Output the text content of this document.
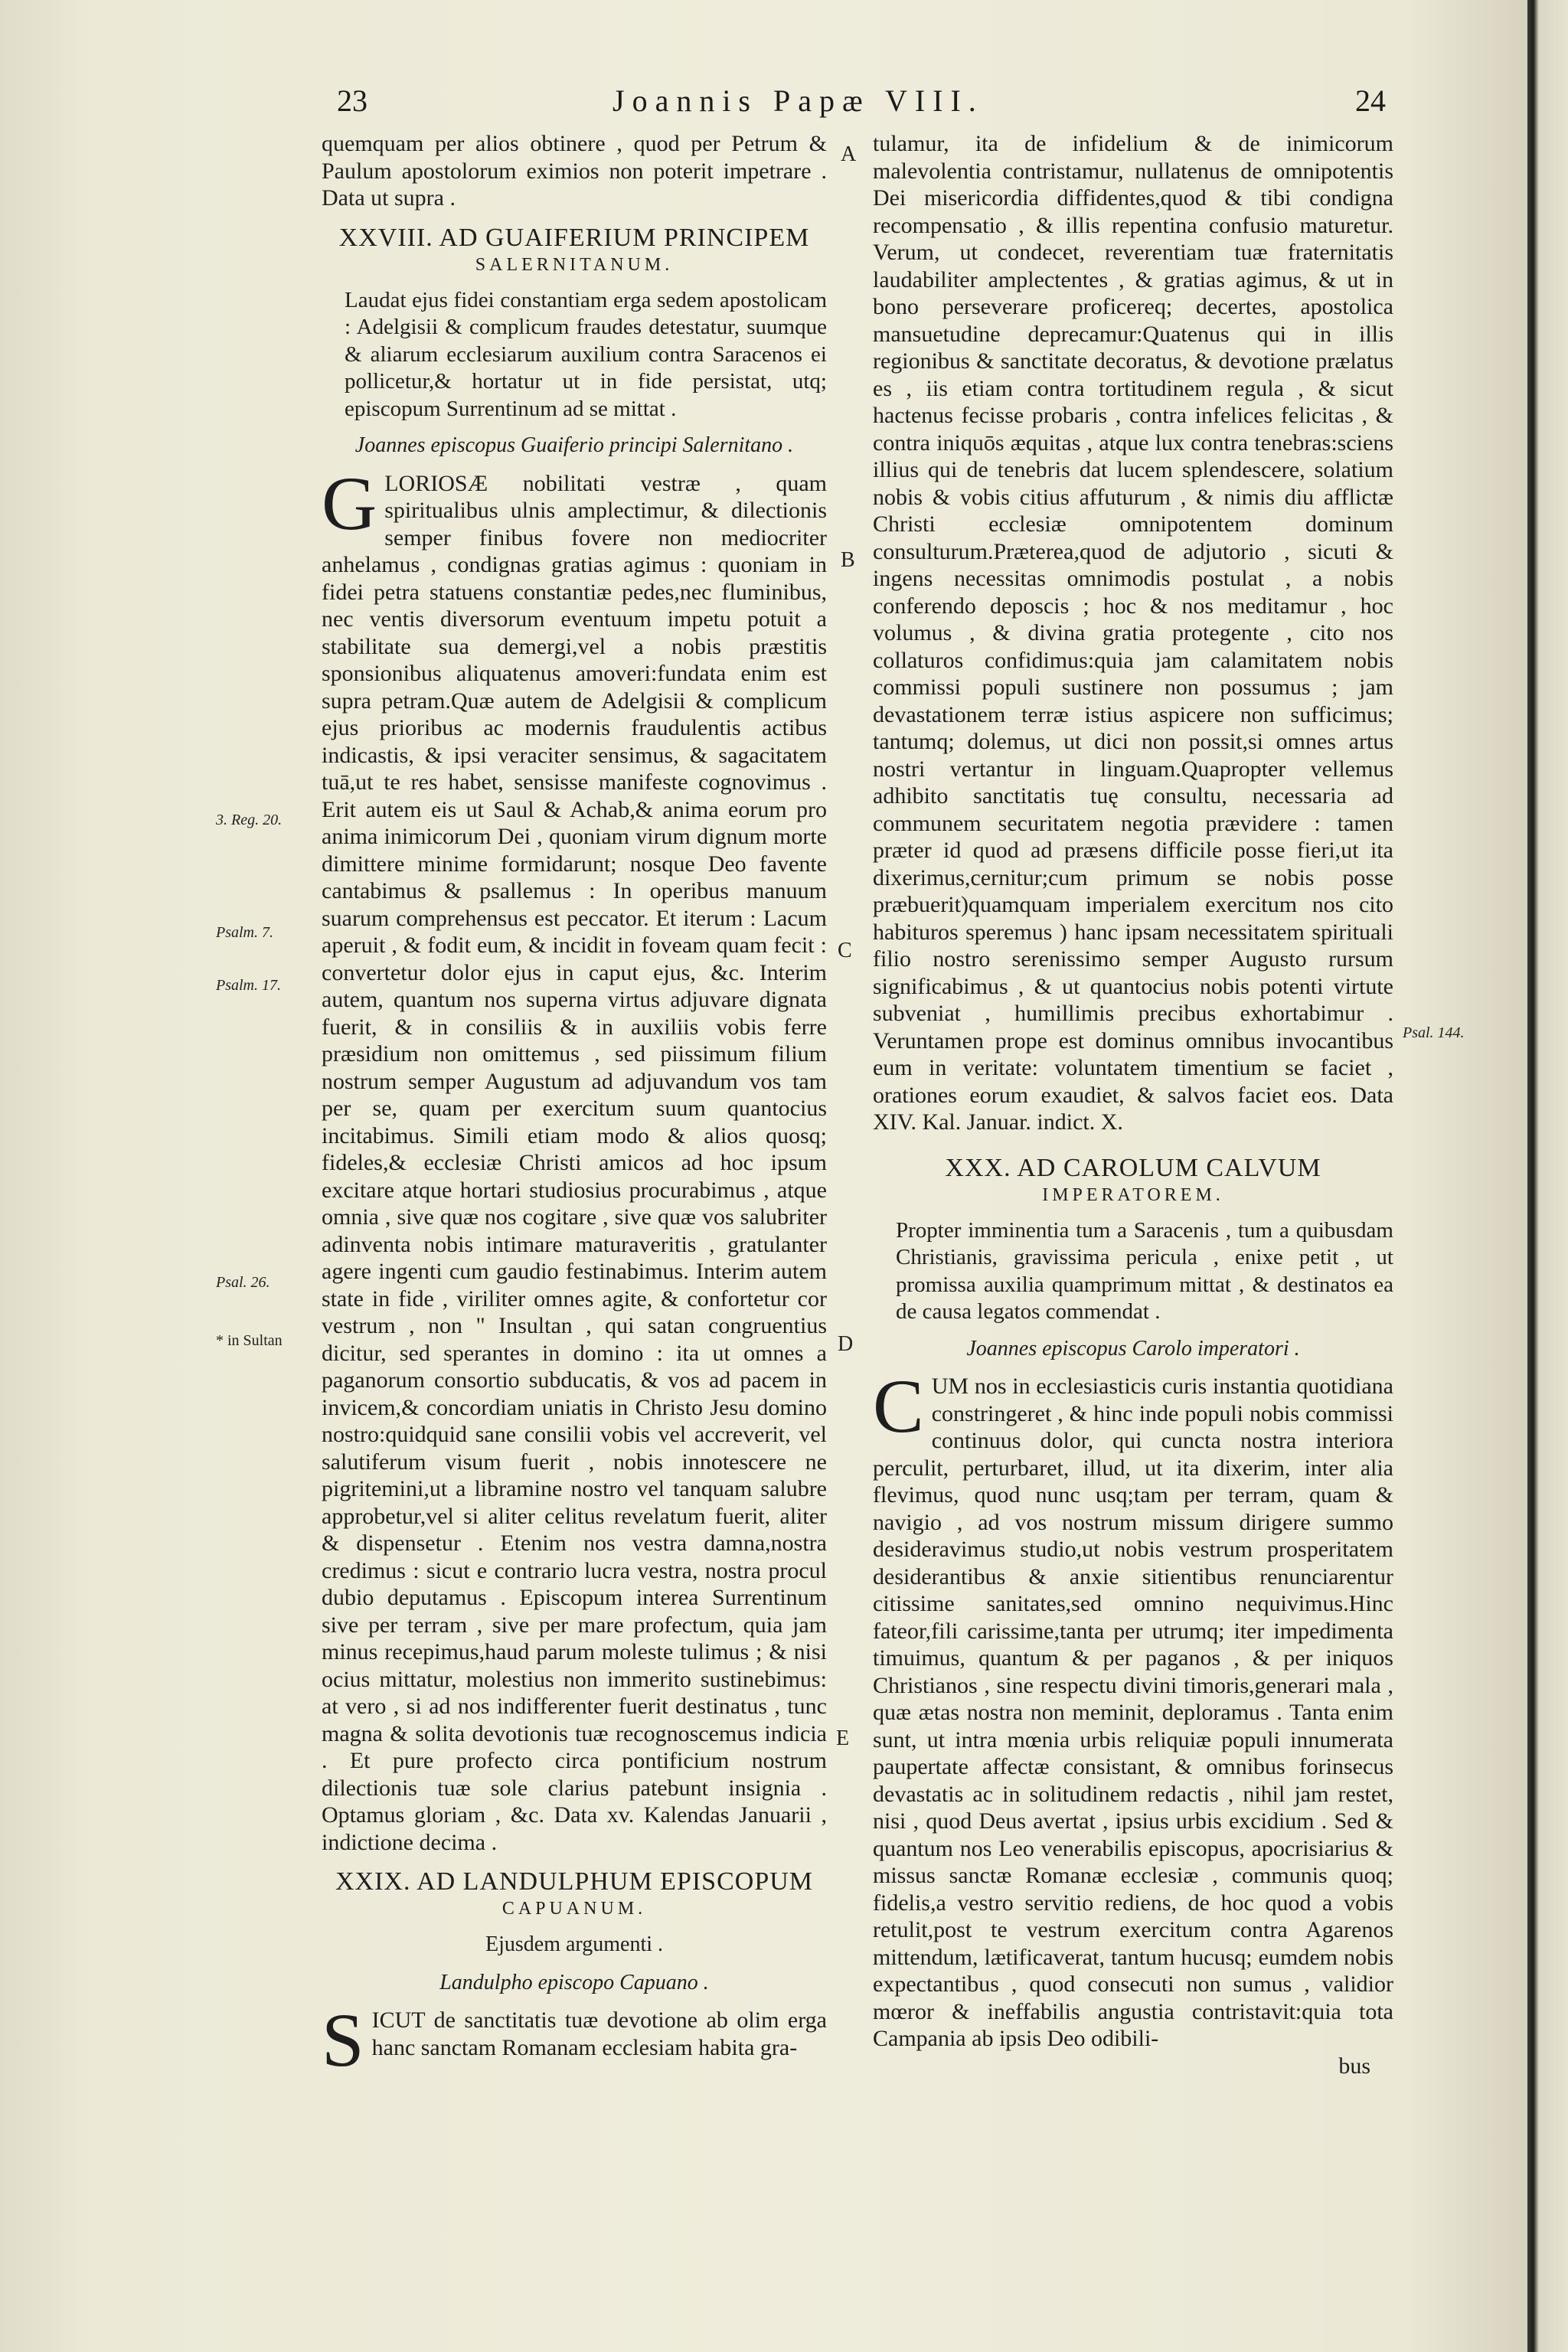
23	Joannis Papæ VIII.	24

quemquam per alios obtinere , quod per Petrum & Paulum apostolorum eximios non poterit impetrare . Data ut supra .

XXVIII. AD GUAIFERIUM PRINCIPEM
SALERNITANUM.

Laudat ejus fidei constantiam erga sedem apostolicam : Adelgisii & complicum fraudes detestatur, suumque & aliarum ecclesiarum auxilium contra Saracenos ei pollicetur,& hortatur ut in fide persistat, utq; episcopum Surrentinum ad se mittat .

Joannes episcopus Guaiferio principi Salernitano .

GLORIOSÆ nobilitati vestræ , quam spiritualibus ulnis amplectimur, & dilectionis semper finibus fovere non mediocriter anhelamus , condignas gratias agimus : quoniam in fidei petra statuens constantiæ pedes,nec fluminibus, nec ventis diversorum eventuum impetu potuit a stabilitate sua demergi,vel a nobis præstitis sponsionibus aliquatenus amoveri:fundata enim est supra petram.Quæ autem de Adelgisii & complicum ejus prioribus ac modernis fraudulentis actibus indicastis, & ipsi veraciter sensimus, & sagacitatem tuā,ut te res habet, sensisse manifeste cognovimus . Erit autem eis ut Saul & Achab,& anima eorum pro anima inimicorum Dei , quoniam virum dignum morte dimittere minime formidarunt; nosque Deo favente cantabimus & psallemus : In operibus manuum suarum comprehensus est peccator. Et iterum : Lacum aperuit , & fodit eum, & incidit in foveam quam fecit : convertetur dolor ejus in caput ejus, &c. Interim autem, quantum nos superna virtus adjuvare dignata fuerit, & in consiliis & in auxiliis vobis ferre præsidium non omittemus , sed piissimum filium nostrum semper Augustum ad adjuvandum vos tam per se, quam per exercitum suum quantocius incitabimus. Simili etiam modo & alios quosq; fideles,& ecclesiæ Christi amicos ad hoc ipsum excitare atque hortari studiosius procurabimus , atque omnia , sive quæ nos cogitare , sive quæ vos salubriter adinventa nobis intimare maturaveritis , gratulanter agere ingenti cum gaudio festinabimus. Interim autem state in fide , viriliter omnes agite, & confortetur cor vestrum , non " Insultan , qui satan congruentius dicitur, sed sperantes in domino : ita ut omnes a paganorum consortio subducatis, & vos ad pacem in invicem,& concordiam uniatis in Christo Jesu domino nostro:quidquid sane consilii vobis vel accreverit, vel salutiferum visum fuerit , nobis innotescere ne pigritemini,ut a libramine nostro vel tanquam salubre approbetur,vel si aliter celitus revelatum fuerit, aliter & dispensetur . Etenim nos vestra damna,nostra credimus : sicut e contrario lucra vestra, nostra procul dubio deputamus . Episcopum interea Surrentinum sive per terram , sive per mare profectum, quia jam minus recepimus,haud parum moleste tulimus ; & nisi ocius mittatur, molestius non immerito sustinebimus: at vero , si ad nos indifferenter fuerit destinatus , tunc magna & solita devotionis tuæ recognoscemus indicia . Et pure profecto circa pontificium nostrum dilectionis tuæ sole clarius patebunt insignia . Optamus gloriam , &c. Data xv. Kalendas Januarii , indictione decima .

XXIX. AD LANDULPHUM EPISCOPUM
CAPUANUM.

Ejusdem argumenti .

Landulpho episcopo Capuano .

SICUT de sanctitatis tuæ devotione ab olim erga hanc sanctam Romanam ecclesiam habita gra-

tulamur, ita de infidelium & de inimicorum malevolentia contristamur, nullatenus de omnipotentis Dei misericordia diffidentes,quod & tibi condigna recompensatio , & illis repentina confusio maturetur. Verum, ut condecet, reverentiam tuæ fraternitatis laudabiliter amplectentes , & gratias agimus, & ut in bono perseverare proficereq; decertes, apostolica mansuetudine deprecamur:Quatenus qui in illis regionibus & sanctitate decoratus, & devotione prælatus es , iis etiam contra tortitudinem regula , & sicut hactenus fecisse probaris , contra infelices felicitas , & contra iniquōs æquitas , atque lux contra tenebras:sciens illius qui de tenebris dat lucem splendescere, solatium nobis & vobis citius affuturum , & nimis diu afflictæ Christi ecclesiæ omnipotentem dominum consulturum.Præterea,quod de adjutorio , sicuti & ingens necessitas omnimodis postulat , a nobis conferendo deposcis ; hoc & nos meditamur , hoc volumus , & divina gratia protegente , cito nos collaturos confidimus:quia jam calamitatem nobis commissi populi sustinere non possumus ; jam devastationem terræ istius aspicere non sufficimus; tantumq; dolemus, ut dici non possit,si omnes artus nostri vertantur in linguam.Quapropter vellemus adhibito sanctitatis tuę consultu, necessaria ad communem securitatem negotia prævidere : tamen præter id quod ad præsens difficile posse fieri,ut ita dixerimus,cernitur;cum primum se nobis posse præbuerit)quamquam imperialem exercitum nos cito habituros speremus ) hanc ipsam necessitatem spirituali filio nostro serenissimo semper Augusto rursum significabimus , & ut quantocius nobis potenti virtute subveniat , humillimis precibus exhortabimur . Veruntamen prope est dominus omnibus invocantibus eum in veritate: voluntatem timentium se faciet , orationes eorum exaudiet, & salvos faciet eos. Data XIV. Kal. Januar. indict. X.

XXX. AD CAROLUM CALVUM
IMPERATOREM.

Propter imminentia tum a Saracenis , tum a quibusdam Christianis, gravissima pericula , enixe petit , ut promissa auxilia quamprimum mittat , & destinatos ea de causa legatos commendat .

Joannes episcopus Carolo imperatori .

CUM nos in ecclesiasticis curis instantia quotidiana constringeret , & hinc inde populi nobis commissi continuus dolor, qui cuncta nostra interiora perculit, perturbaret, illud, ut ita dixerim, inter alia flevimus, quod nunc usq;tam per terram, quam & navigio , ad vos nostrum missum dirigere summo desideravimus studio,ut nobis vestrum prosperitatem desiderantibus & anxie sitientibus renunciarentur citissime sanitates,sed omnino nequivimus.Hinc fateor,fili carissime,tanta per utrumq; iter impedimenta timuimus, quantum & per paganos , & per iniquos Christianos , sine respectu divini timoris,generari mala , quæ ætas nostra non meminit, deploramus . Tanta enim sunt, ut intra mœnia urbis reliquiæ populi innumerata paupertate affectæ consistant, & omnibus forinsecus devastatis ac in solitudinem redactis , nihil jam restet, nisi , quod Deus avertat , ipsius urbis excidium . Sed & quantum nos Leo venerabilis episcopus, apocrisiarius & missus sanctæ Romanæ ecclesiæ , communis quoq; fidelis,a vestro servitio rediens, de hoc quod a vobis retulit,post te vestrum exercitum contra Agarenos mittendum, lætificaverat, tantum hucusq; eumdem nobis expectantibus , quod consecuti non sumus , validior mœror & ineffabilis angustia contristavit:quia tota Campania ab ipsis Deo odibili-

bus

A
B
C
D
E
3. Reg. 20.
Psalm. 7.
Psalm. 17.
Psal. 26.
* in Sultan
Psal. 144.
